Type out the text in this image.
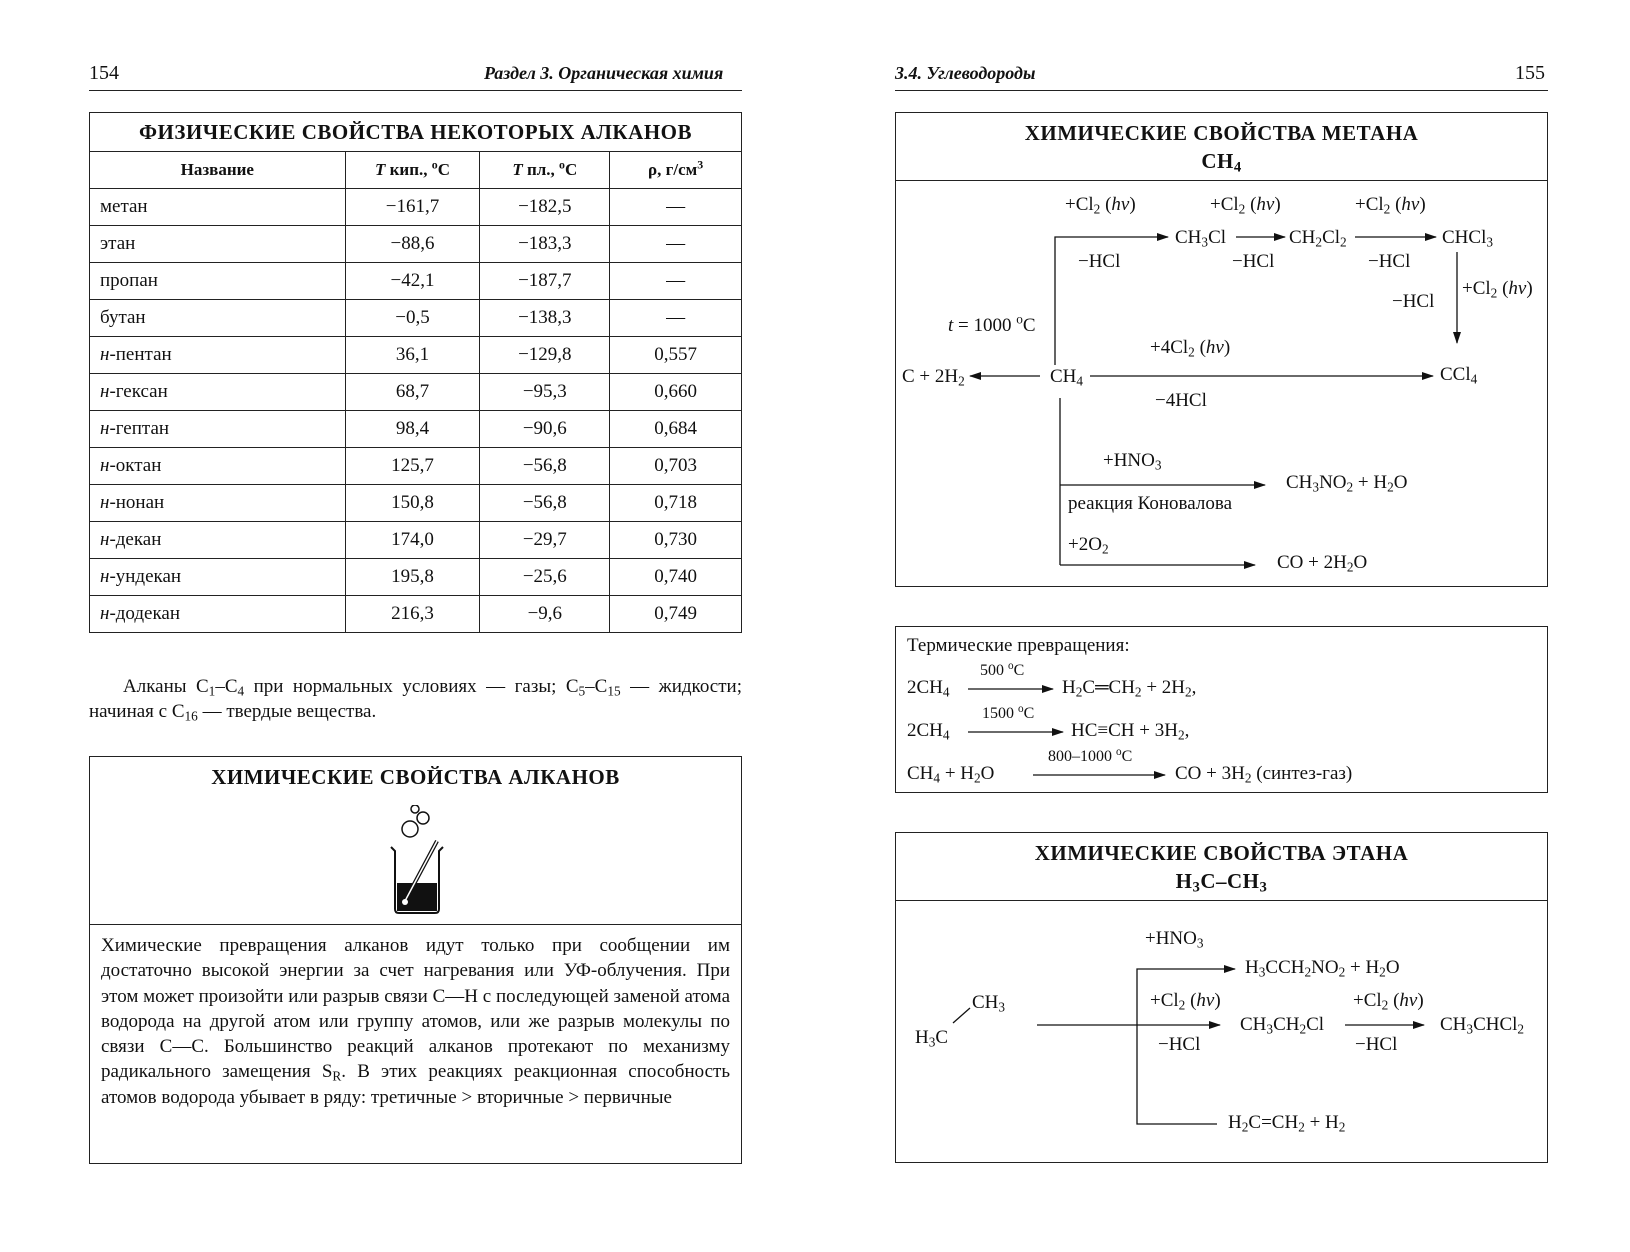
154	Раздел 3. Органическая химия
ФИЗИЧЕСКИЕ СВОЙСТВА НЕКОТОРЫХ АЛКАНОВ			
Название	T кип., $^o$C	T пл., $^o$C	ρ, $г/см^3$
метан	−161,7	−182,5	—
этан	−88,6	−183,3	—
пропан	−42,1	−187,7	—
бутан	−0,5	−138,3	—
н-пентан	36,1	−129,8	0,557
н-гексан	68,7	−95,3	0,660
н-гептан	98,4	−90,6	0,684
н-октан	125,7	−56,8	0,703
н-нонан	150,8	−56,8	0,718
н-декан	174,0	−29,7	0,730
н-ундекан	195,8	−25,6	0,740
н-додекан	216,3	−9,6	0,749
Алканы $C_1-C_4$ при нормальных условиях — газы; $C_5-C_{15}$ — жидкости; начиная с $C_{16}$ — твердые вещества.
ХИМИЧЕСКИЕ СВОЙСТВА АЛКАНОВ
Химические превращения алканов идут только при сообщении им достаточно высокой энергии за счет нагревания или УФ-облучения. При этом может произойти или разрыв связи C—H с последующей заменой атома водорода на другой атом или группу атомов, или же разрыв молекулы по связи C—C. Большинство реакций алканов протекают по механизму радикального замещения $S_R$. В этих реакциях реакционная способность атомов водорода убывает в ряду: третичные > вторичные > первичные
3.4. Углеводороды	155
ХИМИЧЕСКИЕ СВОЙСТВА МЕТАНА
$CH_4$
$+Cl_2$ (hν)	$+Cl_2$ (hν)	$+Cl_2$ (hν)
−HCl	−HCl	−HCl
$CH_3Cl$	$CH_2Cl_2$	CHCl$_3$
$+Cl_2$ (hν)
−HCl
t = 1000 $^o$C
$C + 2H_2$	$CH_4$
$+4Cl_2$ (hν)
−4HCl
CCl$_4$
$+HNO_3$
реакция Коновалова
$CH_3NO_2 + H_2O$
$+2O_2$
CO + $2H_2O$
Термические превращения:
500 $^o$C
1500 $^o$C
800–1000 $^o$C
$2CH_4$	$H_2C═CH_2 + 2H_2$,
$2CH_4$	$HC\equiv CH + 3H_2$,
$CH_4 + H_2O$	CO + $3H_2$ (синтез-газ)
ХИМИЧЕСКИЕ СВОЙСТВА ЭТАНА
$H_3C-CH_3$
$CH_3$
$H_3C$
$+HNO_3$
$H_3CCH_2NO_2 + H_2O$
$+Cl_2$ (hν)
−HCl
$CH_3CH_2Cl$
$+Cl_2$ (hν)
−HCl
$CH_3CHCl_2$
$H_2C=CH_2 + H_2$
